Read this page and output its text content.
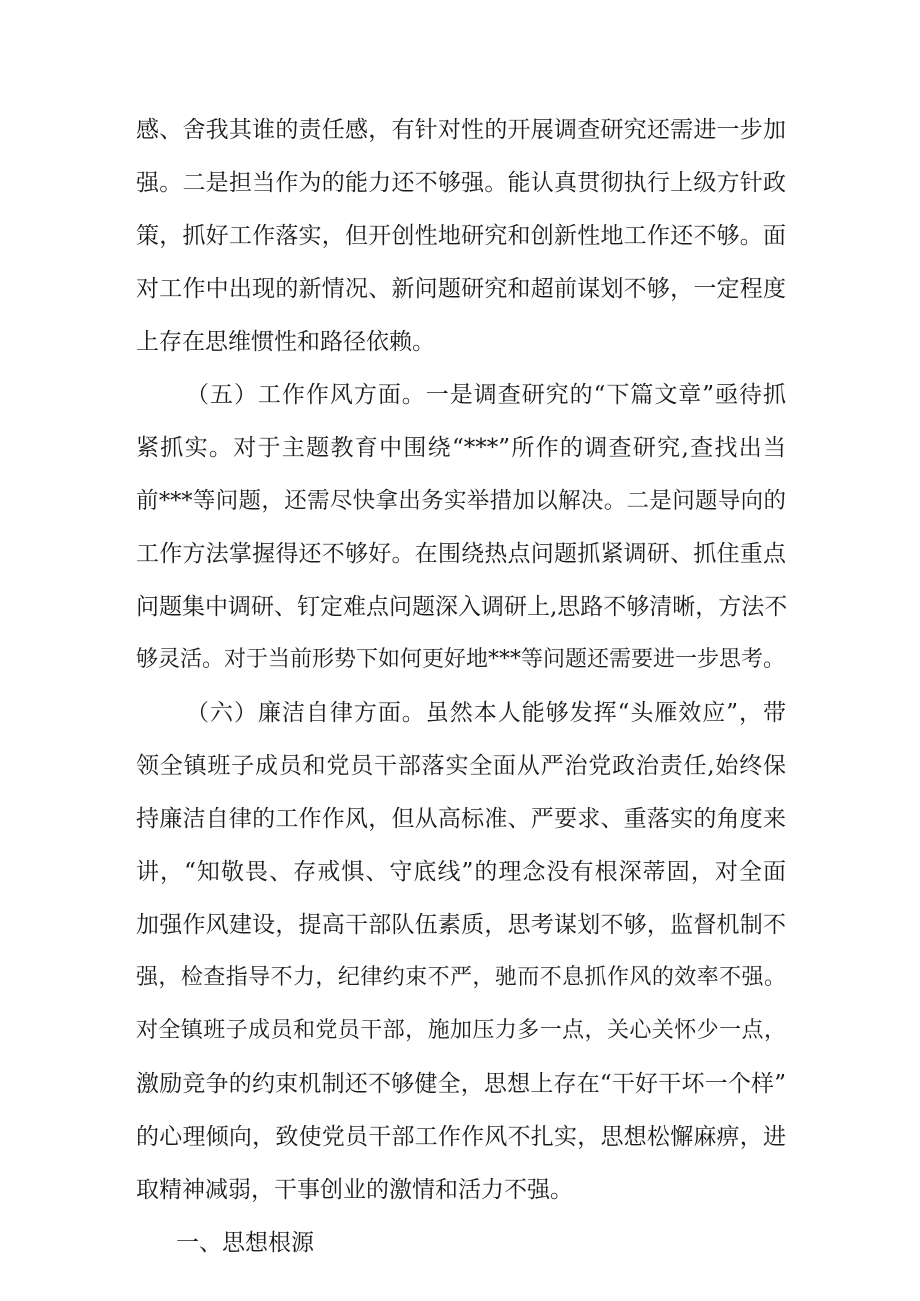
感、舍我其谁的责任感，有针对性的开展调查研究还需进一步加
强。二是担当作为的能力还不够强。能认真贯彻执行上级方针政
策，抓好工作落实，但开创性地研究和创新性地工作还不够。面
对工作中出现的新情况、新问题研究和超前谋划不够，一定程度
上存在思维惯性和路径依赖。
（五）工作作风方面。一是调查研究的“下篇文章”亟待抓
紧抓实。对于主题教育中围绕“***”所作的调查研究,查找出当
前***等问题，还需尽快拿出务实举措加以解决。二是问题导向的
工作方法掌握得还不够好。在围绕热点问题抓紧调研、抓住重点
问题集中调研、钉定难点问题深入调研上,思路不够清晰，方法不
够灵活。对于当前形势下如何更好地***等问题还需要进一步思考。
（六）廉洁自律方面。虽然本人能够发挥“头雁效应”，带
领全镇班子成员和党员干部落实全面从严治党政治责任,始终保
持廉洁自律的工作作风，但从高标准、严要求、重落实的角度来
讲，“知敬畏、存戒惧、守底线”的理念没有根深蒂固，对全面
加强作风建设，提高干部队伍素质，思考谋划不够，监督机制不
强，检查指导不力，纪律约束不严，驰而不息抓作风的效率不强。
对全镇班子成员和党员干部，施加压力多一点，关心关怀少一点，
激励竞争的约束机制还不够健全，思想上存在“干好干坏一个样”
的心理倾向，致使党员干部工作作风不扎实，思想松懈麻痹，进
取精神减弱，干事创业的激情和活力不强。
一、思想根源
